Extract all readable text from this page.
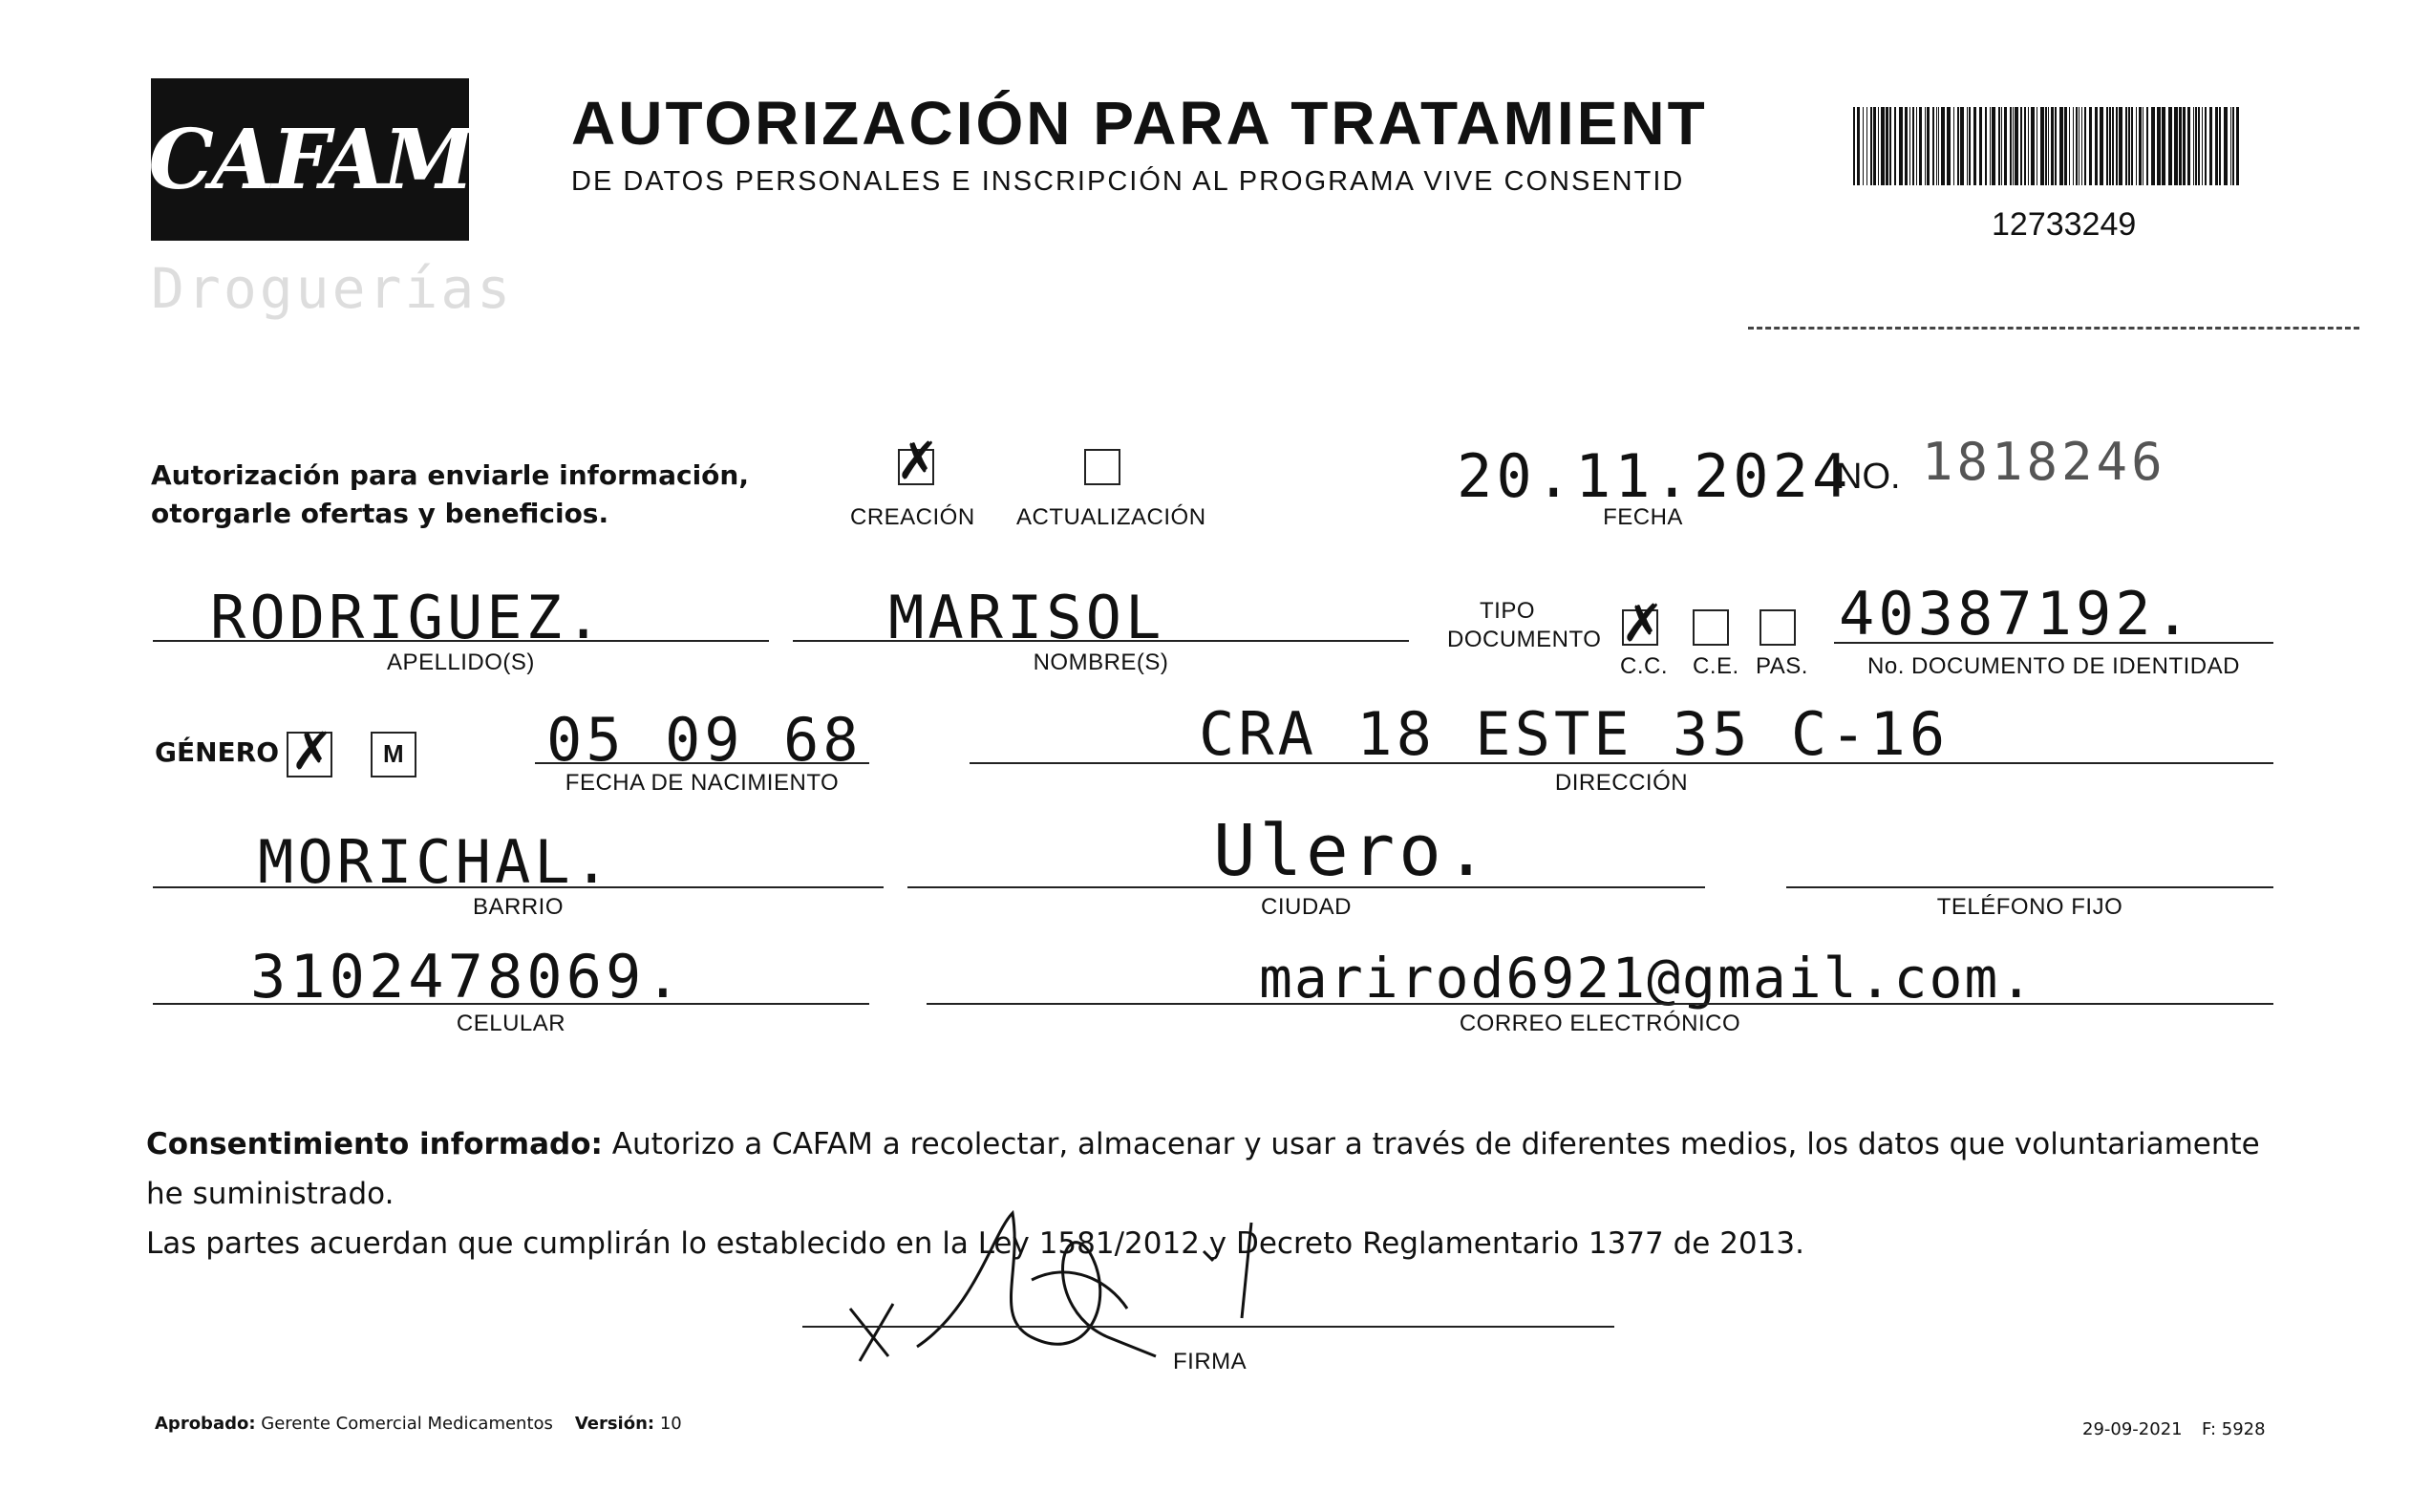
CAFAM
Droguerías
AUTORIZACIÓN PARA TRATAMIENT
DE DATOS PERSONALES E INSCRIPCIÓN AL PROGRAMA VIVE CONSENTID
12733249
Autorización para enviarle información,
otorgarle ofertas y beneficios.
✗
CREACIÓN ACTUALIZACIÓN
20.11.2024
FECHA
NO. 1818246
RODRIGUEZ.
APELLIDO(S)
MARISOL
NOMBRE(S)
TIPO
DOCUMENTO ✗
C.C. C.E. PAS.
40387192.
No. DOCUMENTO DE IDENTIDAD
GÉNERO ✗ M 05 09 68
FECHA DE NACIMIENTO
CRA 18 ESTE 35 C-16
DIRECCIÓN
MORICHAL.
BARRIO
Ulero.
CIUDAD	TELÉFONO FIJO
3102478069.
CELULAR
marirod6921@gmail.com.
CORREO ELECTRÓNICO
Consentimiento informado: Autorizo a CAFAM a recolectar, almacenar y usar a través de diferentes medios, los datos que voluntariamente he suministrado.
Las partes acuerdan que cumplirán lo establecido en la Ley 1581/2012 y Decreto Reglamentario 1377 de 2013.
FIRMA
Aprobado: Gerente Comercial Medicamentos Versión: 10	29-09-2021 F: 5928
